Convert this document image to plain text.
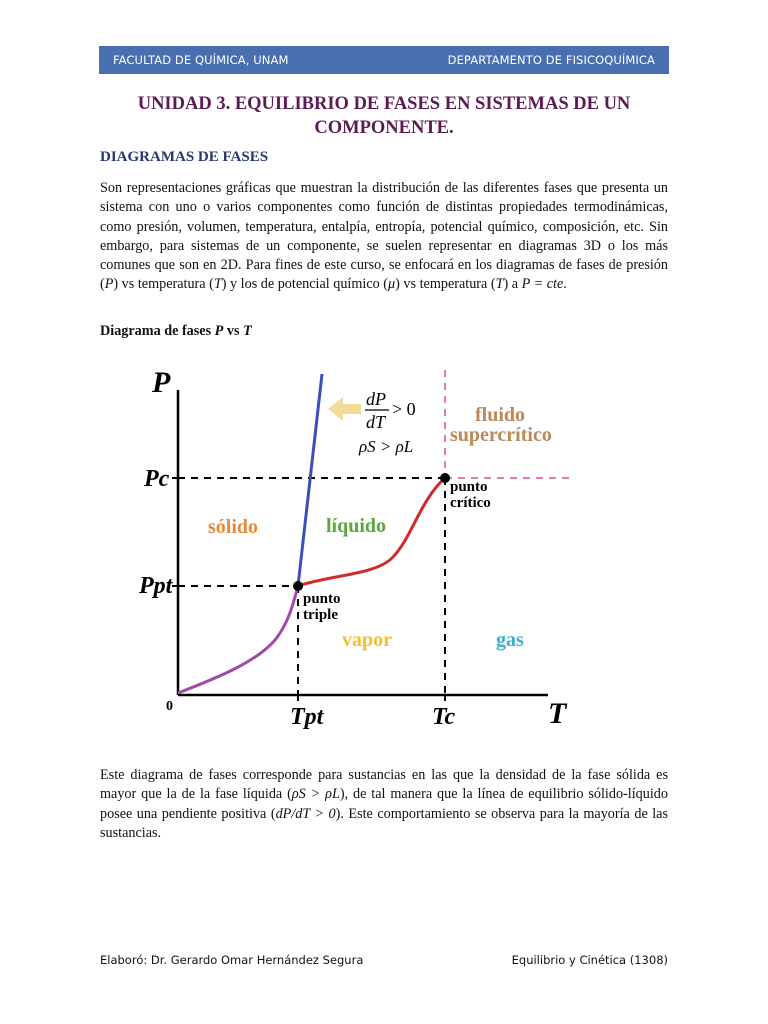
FACULTAD DE QUÍMICA, UNAM	DEPARTAMENTO DE FISICOQUÍMICA
UNIDAD 3. EQUILIBRIO DE FASES EN SISTEMAS DE UN
COMPONENTE.
DIAGRAMAS DE FASES
Son representaciones gráficas que muestran la distribución de las diferentes fases que presenta un sistema con uno o varios componentes como función de distintas propiedades termodinámicas, como presión, volumen, temperatura, entalpía, entropía, potencial químico, composición, etc. Sin embargo, para sistemas de un componente, se suelen representar en diagramas 3D o los más comunes que son en 2D. Para fines de este curso, se enfocará en los diagramas de fases de presión (P) vs temperatura (T) y los de potencial químico (μ) vs temperatura (T) a P = cte.
Diagrama de fases P vs T
P
T
0
Pc
Ppt
Tpt	Tc
sólido	líquido
vapor	gas
fluido
supercrítico
punto
triple
punto
crítico
dP
dT
> 0
ρS > ρL
Este diagrama de fases corresponde para sustancias en las que la densidad de la fase sólida es mayor que la de la fase líquida (ρS > ρL), de tal manera que la línea de equilibrio sólido-líquido posee una pendiente positiva (dP/dT > 0). Este comportamiento se observa para la mayoría de las sustancias.
Elaboró: Dr. Gerardo Omar Hernández Segura	Equilibrio y Cinética (1308)
